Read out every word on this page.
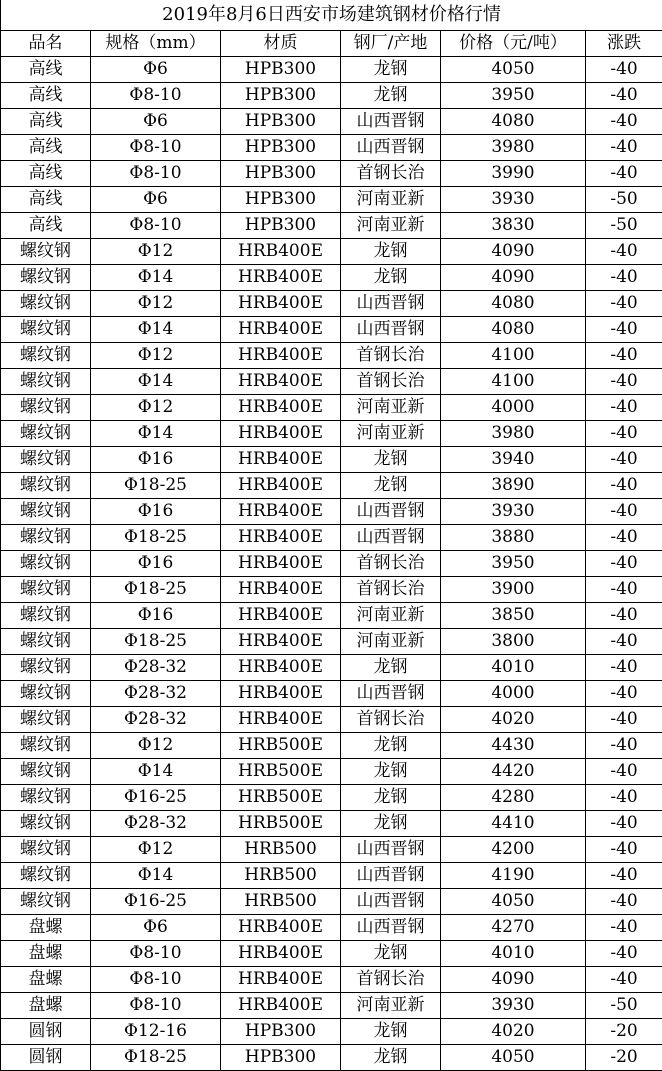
2019年8月6日西安市场建筑钢材价格行情					
品名	规格（mm）	材质	钢厂/产地	价格（元/吨）	涨跌
高线	Φ6	HPB300	龙钢	4050	-40
高线	Φ8-10	HPB300	龙钢	3950	-40
高线	Φ6	HPB300	山西晋钢	4080	-40
高线	Φ8-10	HPB300	山西晋钢	3980	-40
高线	Φ8-10	HPB300	首钢长治	3990	-40
高线	Φ6	HPB300	河南亚新	3930	-50
高线	Φ8-10	HPB300	河南亚新	3830	-50
螺纹钢	Φ12	HRB400E	龙钢	4090	-40
螺纹钢	Φ14	HRB400E	龙钢	4090	-40
螺纹钢	Φ12	HRB400E	山西晋钢	4080	-40
螺纹钢	Φ14	HRB400E	山西晋钢	4080	-40
螺纹钢	Φ12	HRB400E	首钢长治	4100	-40
螺纹钢	Φ14	HRB400E	首钢长治	4100	-40
螺纹钢	Φ12	HRB400E	河南亚新	4000	-40
螺纹钢	Φ14	HRB400E	河南亚新	3980	-40
螺纹钢	Φ16	HRB400E	龙钢	3940	-40
螺纹钢	Φ18-25	HRB400E	龙钢	3890	-40
螺纹钢	Φ16	HRB400E	山西晋钢	3930	-40
螺纹钢	Φ18-25	HRB400E	山西晋钢	3880	-40
螺纹钢	Φ16	HRB400E	首钢长治	3950	-40
螺纹钢	Φ18-25	HRB400E	首钢长治	3900	-40
螺纹钢	Φ16	HRB400E	河南亚新	3850	-40
螺纹钢	Φ18-25	HRB400E	河南亚新	3800	-40
螺纹钢	Φ28-32	HRB400E	龙钢	4010	-40
螺纹钢	Φ28-32	HRB400E	山西晋钢	4000	-40
螺纹钢	Φ28-32	HRB400E	首钢长治	4020	-40
螺纹钢	Φ12	HRB500E	龙钢	4430	-40
螺纹钢	Φ14	HRB500E	龙钢	4420	-40
螺纹钢	Φ16-25	HRB500E	龙钢	4280	-40
螺纹钢	Φ28-32	HRB500E	龙钢	4410	-40
螺纹钢	Φ12	HRB500	山西晋钢	4200	-40
螺纹钢	Φ14	HRB500	山西晋钢	4190	-40
螺纹钢	Φ16-25	HRB500	山西晋钢	4050	-40
盘螺	Φ6	HRB400E	山西晋钢	4270	-40
盘螺	Φ8-10	HRB400E	龙钢	4010	-40
盘螺	Φ8-10	HRB400E	首钢长治	4090	-40
盘螺	Φ8-10	HRB400E	河南亚新	3930	-50
圆钢	Φ12-16	HPB300	龙钢	4020	-20
圆钢	Φ18-25	HPB300	龙钢	4050	-20
